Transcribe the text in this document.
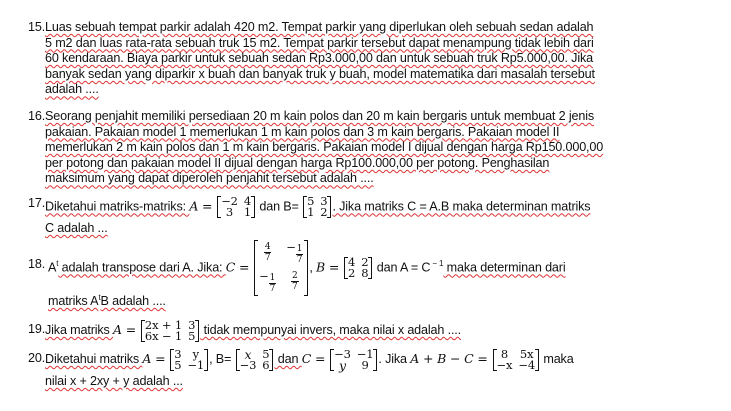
15. Luas sebuah tempat parkir adalah 420 m2. Tempat parkir yang diperlukan oleh sebuah sedan adalah
5 m2 dan luas rata-rata sebuah truk 15 m2. Tempat parkir tersebut dapat menampung tidak lebih dari
60 kendaraan. Biaya parkir untuk sebuah sedan Rp3.000,00 dan untuk sebuah truk Rp5.000,00. Jika
banyak sedan yang diparkir x buah dan banyak truk y buah, model matematika dari masalah tersebut
adalah ....
16. Seorang penjahit memiliki persediaan 20 m kain polos dan 20 m kain bergaris untuk membuat 2 jenis
pakaian. Pakaian model 1 memerlukan 1 m kain polos dan 3 m kain bergaris. Pakaian model II
memerlukan 2 m kain polos dan 1 m kain bergaris. Pakaian model I dijual dengan harga Rp150.000,00
per potong dan pakaian model II dijual dengan harga Rp100.000,00 per potong. Penghasilan
maksimum yang dapat diperoleh penjahit tersebut adalah ....
17. Diketahui matriks-matriks: A = −2 4
3 1 dan B= 5 3
1 2 . Jika matriks C = A.B maka determinan matriks
C adalah ...
18. $A^t$ adalah transpose dari A. Jika: C =
$\frac{4}{7} - \frac{1}{7}$
− $\frac{1}{7} \frac{2}{7}$
, B = 4 2
2 8 dan A = C $^{- 1}$ maka determinan dari
matriks $A^tB$ adalah ....
19. Jika matriks A = 2x + 1 3
6x − 1 5 tidak mempunyai invers, maka nilai x adalah ....
20. Diketahui matriks A = 3 y
5 −1 , B= x 5
−3 6 dan C = −3 −1
y	9 . Jika A + B − C = 8	5x
−x −4 maka
nilai x + 2xy + y adalah ...
